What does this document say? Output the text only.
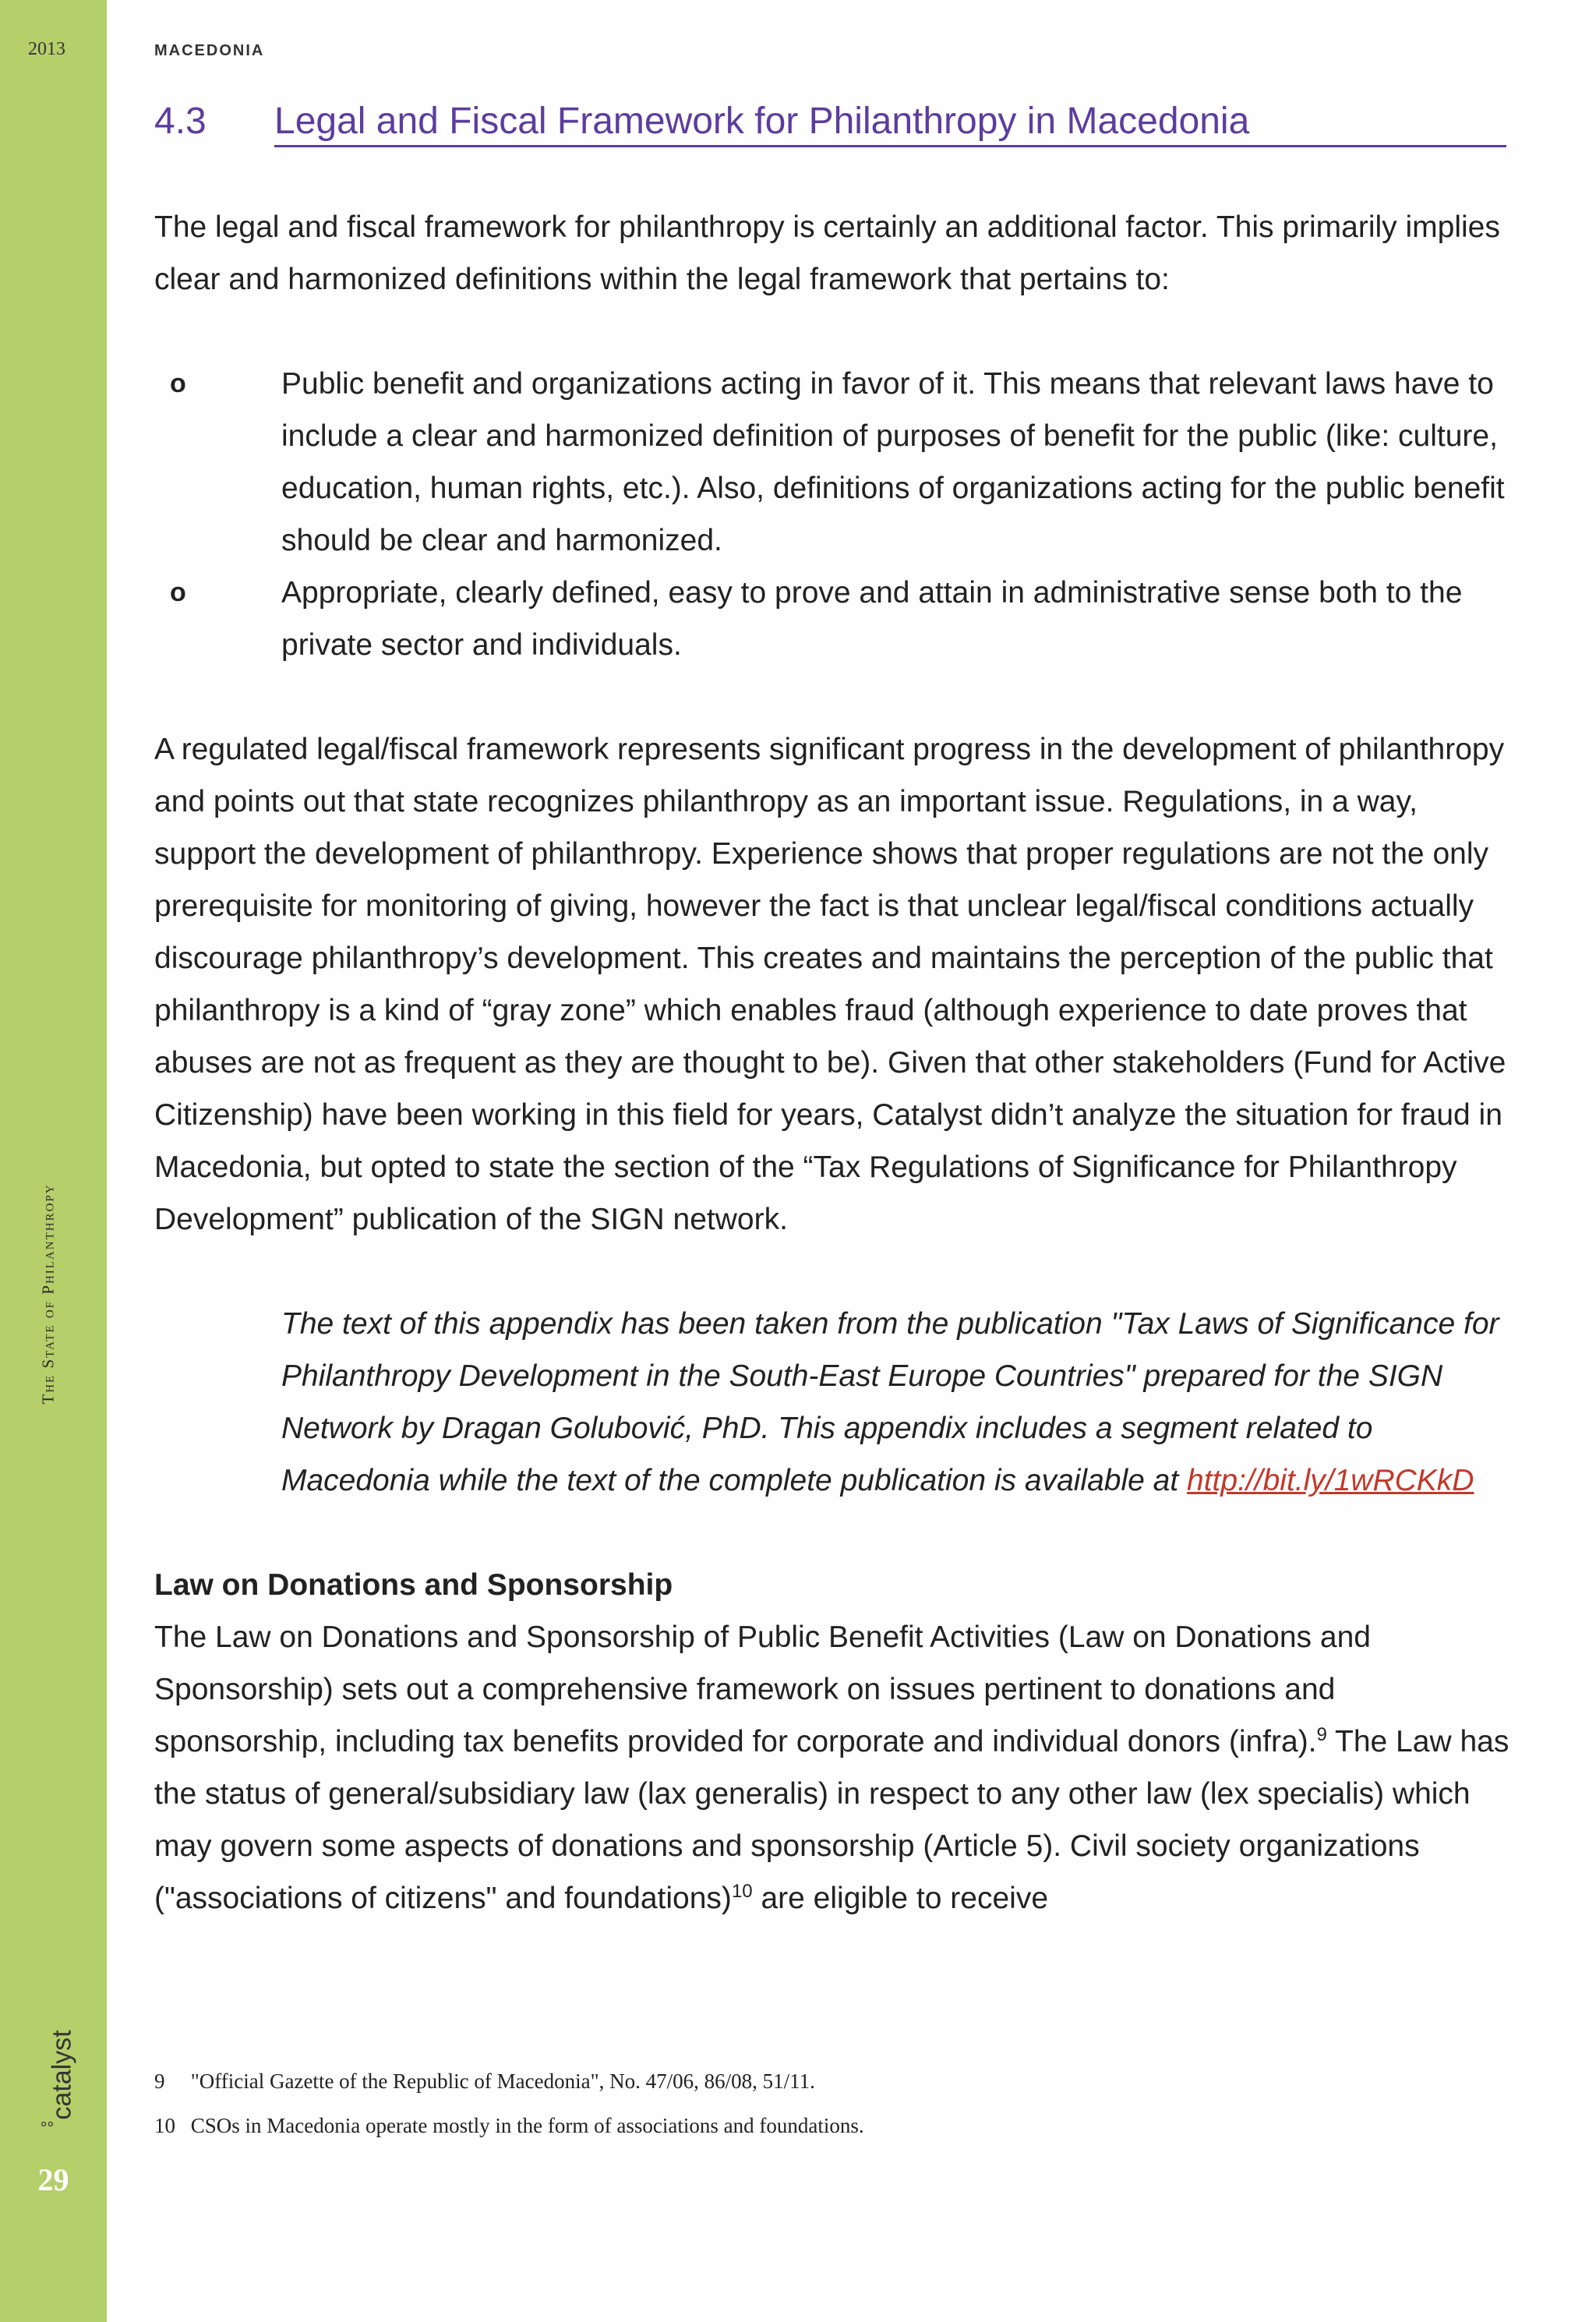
2013
The State of Philanthropy
°°
catalyst
29
MACEDONIA
4.3 Legal and Fiscal Framework for Philanthropy in Macedonia

The legal and fiscal framework for philanthropy is certainly an additional factor. This primarily implies clear and harmonized definitions within the legal framework that pertains to:

o	Public benefit and organizations acting in favor of it. This means that relevant laws have to include a clear and harmonized definition of purposes of benefit for the public (like: culture, education, human rights, etc.). Also, definitions of organizations acting for the public benefit should be clear and harmonized.
o	Appropriate, clearly defined, easy to prove and attain in administrative sense both to the private sector and individuals.

A regulated legal/fiscal framework represents significant progress in the development of philanthropy and points out that state recognizes philanthropy as an important issue. Regulations, in a way, support the development of philanthropy. Experience shows that proper regulations are not the only prerequisite for monitoring of giving, however the fact is that unclear legal/fiscal conditions actually discourage philanthropy’s development. This creates and maintains the perception of the public that philanthropy is a kind of “gray zone” which enables fraud (although experience to date proves that abuses are not as frequent as they are thought to be). Given that other stakeholders (Fund for Active Citizenship) have been working in this field for years, Catalyst didn’t analyze the situation for fraud in Macedonia, but opted to state the section of the “Tax Regulations of Significance for Philanthropy Development” publication of the SIGN network.

The text of this appendix has been taken from the publication "Tax Laws of Significance for Philanthropy Development in the South-East Europe Countries" prepared for the SIGN Network by Dragan Golubović, PhD. This appendix includes a segment related to Macedonia while the text of the complete publication is available at http://bit.ly/1wRCKkD

Law on Donations and Sponsorship

The Law on Donations and Sponsorship of Public Benefit Activities (Law on Donations and Sponsorship) sets out a comprehensive framework on issues pertinent to donations and sponsorship, including tax benefits provided for corporate and individual donors (infra).$^9$ The Law has the status of general/subsidiary law (lax generalis) in respect to any other law (lex specialis) which may govern some aspects of donations and sponsorship (Article 5). Civil society organizations ("associations of citizens" and foundations)$^{10}$ are eligible to receive

9 "Official Gazette of the Republic of Macedonia", No. 47/06, 86/08, 51/11.
10 CSOs in Macedonia operate mostly in the form of associations and foundations.
